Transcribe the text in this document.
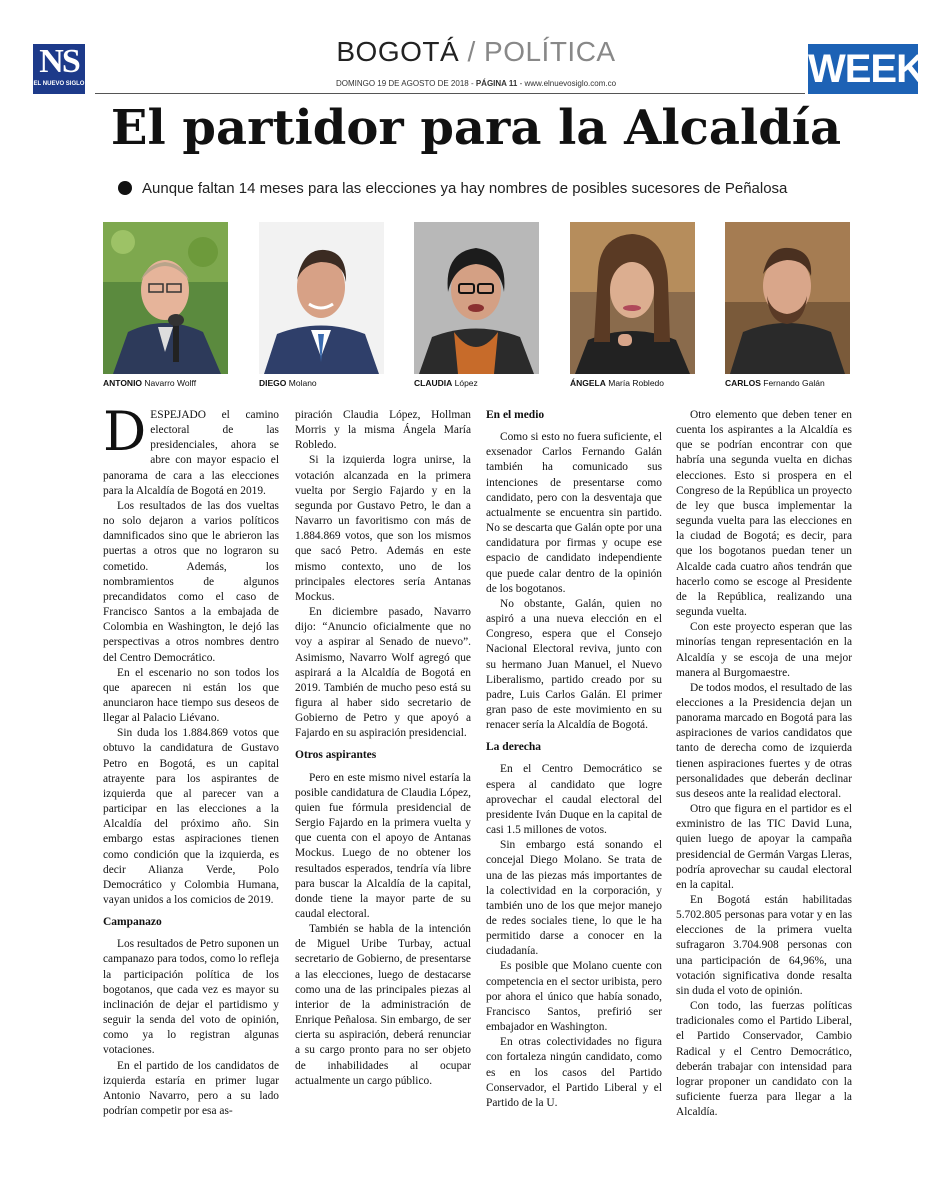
NS
EL NUEVO SIGLO
BOGOTÁ / POLÍTICA
DOMINGO 19 DE AGOSTO DE 2018 - PÁGINA 11 - www.elnuevosiglo.com.co	WEEK
El partidor para la Alcaldía
Aunque faltan 14 meses para las elecciones ya hay nombres de posibles sucesores de Peñalosa
ANTONIO Navarro Wolff	DIEGO Molano	CLAUDIA López	ÁNGELA María Robledo	CARLOS Fernando Galán

DESPEJADO el camino electoral de las presidenciales, ahora se abre con mayor espacio el panorama de cara a las elecciones para la Alcaldía de Bogotá en 2019.

Los resultados de las dos vueltas no solo dejaron a varios políticos damnificados sino que le abrieron las puertas a otros que no lograron su cometido. Además, los nombramientos de algunos precandidatos como el caso de Francisco Santos a la embajada de Colombia en Washington, le dejó las perspectivas a otros nombres dentro del Centro Democrático.

En el escenario no son todos los que aparecen ni están los que anunciaron hace tiempo sus deseos de llegar al Palacio Liévano.

Sin duda los 1.884.869 votos que obtuvo la candidatura de Gustavo Petro en Bogotá, es un capital atrayente para los aspirantes de izquierda que al parecer van a participar en las elecciones a la Alcaldía del próximo año. Sin embargo estas aspiraciones tienen como condición que la izquierda, es decir Alianza Verde, Polo Democrático y Colombia Humana, vayan unidos a los comicios de 2019.

Campanazo

Los resultados de Petro suponen un campanazo para todos, como lo refleja la participación política de los bogotanos, que cada vez es mayor su inclinación de dejar el partidismo y seguir la senda del voto de opinión, como ya lo registran algunas votaciones.

En el partido de los candidatos de izquierda estaría en primer lugar Antonio Navarro, pero a su lado podrían competir por esa as-

piración Claudia López, Hollman Morris y la misma Ángela María Robledo.

Si la izquierda logra unirse, la votación alcanzada en la primera vuelta por Sergio Fajardo y en la segunda por Gustavo Petro, le dan a Navarro un favoritismo con más de 1.884.869 votos, que son los mismos que sacó Petro. Además en este mismo contexto, uno de los principales electores sería Antanas Mockus.

En diciembre pasado, Navarro dijo: “Anuncio oficialmente que no voy a aspirar al Senado de nuevo”. Asimismo, Navarro Wolf agregó que aspirará a la Alcaldía de Bogotá en 2019. También de mucho peso está su figura al haber sido secretario de Gobierno de Petro y que apoyó a Fajardo en su aspiración presidencial.

Otros aspirantes

Pero en este mismo nivel estaría la posible candidatura de Claudia López, quien fue fórmula presidencial de Sergio Fajardo en la primera vuelta y que cuenta con el apoyo de Antanas Mockus. Luego de no obtener los resultados esperados, tendría vía libre para buscar la Alcaldía de la capital, donde tiene la mayor parte de su caudal electoral.

También se habla de la intención de Miguel Uribe Turbay, actual secretario de Gobierno, de presentarse a las elecciones, luego de destacarse como una de las principales piezas al interior de la administración de Enrique Peñalosa. Sin embargo, de ser cierta su aspiración, deberá renunciar a su cargo pronto para no ser objeto de inhabilidades al ocupar actualmente un cargo público.

En el medio

Como si esto no fuera suficiente, el exsenador Carlos Fernando Galán también ha comunicado sus intenciones de presentarse como candidato, pero con la desventaja que actualmente se encuentra sin partido. No se descarta que Galán opte por una candidatura por firmas y ocupe ese espacio de candidato independiente que puede calar dentro de la opinión de los bogotanos.

No obstante, Galán, quien no aspiró a una nueva elección en el Congreso, espera que el Consejo Nacional Electoral reviva, junto con su hermano Juan Manuel, el Nuevo Liberalismo, partido creado por su padre, Luis Carlos Galán. El primer gran paso de este movimiento en su renacer sería la Alcaldía de Bogotá.

La derecha

En el Centro Democrático se espera al candidato que logre aprovechar el caudal electoral del presidente Iván Duque en la capital de casi 1.5 millones de votos.

Sin embargo está sonando el concejal Diego Molano. Se trata de una de las piezas más importantes de la colectividad en la corporación, y también uno de los que mejor manejo de redes sociales tiene, lo que le ha permitido darse a conocer en la ciudadanía.

Es posible que Molano cuente con competencia en el sector uribista, pero por ahora el único que había sonado, Francisco Santos, prefirió ser embajador en Washington.

En otras colectividades no figura con fortaleza ningún candidato, como es en los casos del Partido Conservador, el Partido Liberal y el Partido de la U.

Otro elemento que deben tener en cuenta los aspirantes a la Alcaldía es que se podrían encontrar con que habría una segunda vuelta en dichas elecciones. Esto si prospera en el Congreso de la República un proyecto de ley que busca implementar la segunda vuelta para las elecciones en la ciudad de Bogotá; es decir, para que los bogotanos puedan tener un Alcalde cada cuatro años tendrán que hacerlo como se escoge al Presidente de la República, realizando una segunda vuelta.

Con este proyecto esperan que las minorías tengan representación en la Alcaldía y se escoja de una mejor manera al Burgomaestre.

De todos modos, el resultado de las elecciones a la Presidencia dejan un panorama marcado en Bogotá para las aspiraciones de varios candidatos que tanto de derecha como de izquierda tienen aspiraciones fuertes y de otras personalidades que deberán declinar sus deseos ante la realidad electoral.

Otro que figura en el partidor es el exministro de las TIC David Luna, quien luego de apoyar la campaña presidencial de Germán Vargas Lleras, podría aprovechar su caudal electoral en la capital.

En Bogotá están habilitadas 5.702.805 personas para votar y en las elecciones de la primera vuelta sufragaron 3.704.908 personas con una participación de 64,96%, una votación significativa donde resalta sin duda el voto de opinión.

Con todo, las fuerzas políticas tradicionales como el Partido Liberal, el Partido Conservador, Cambio Radical y el Centro Democrático, deberán trabajar con intensidad para lograr proponer un candidato con la suficiente fuerza para llegar a la Alcaldía.
